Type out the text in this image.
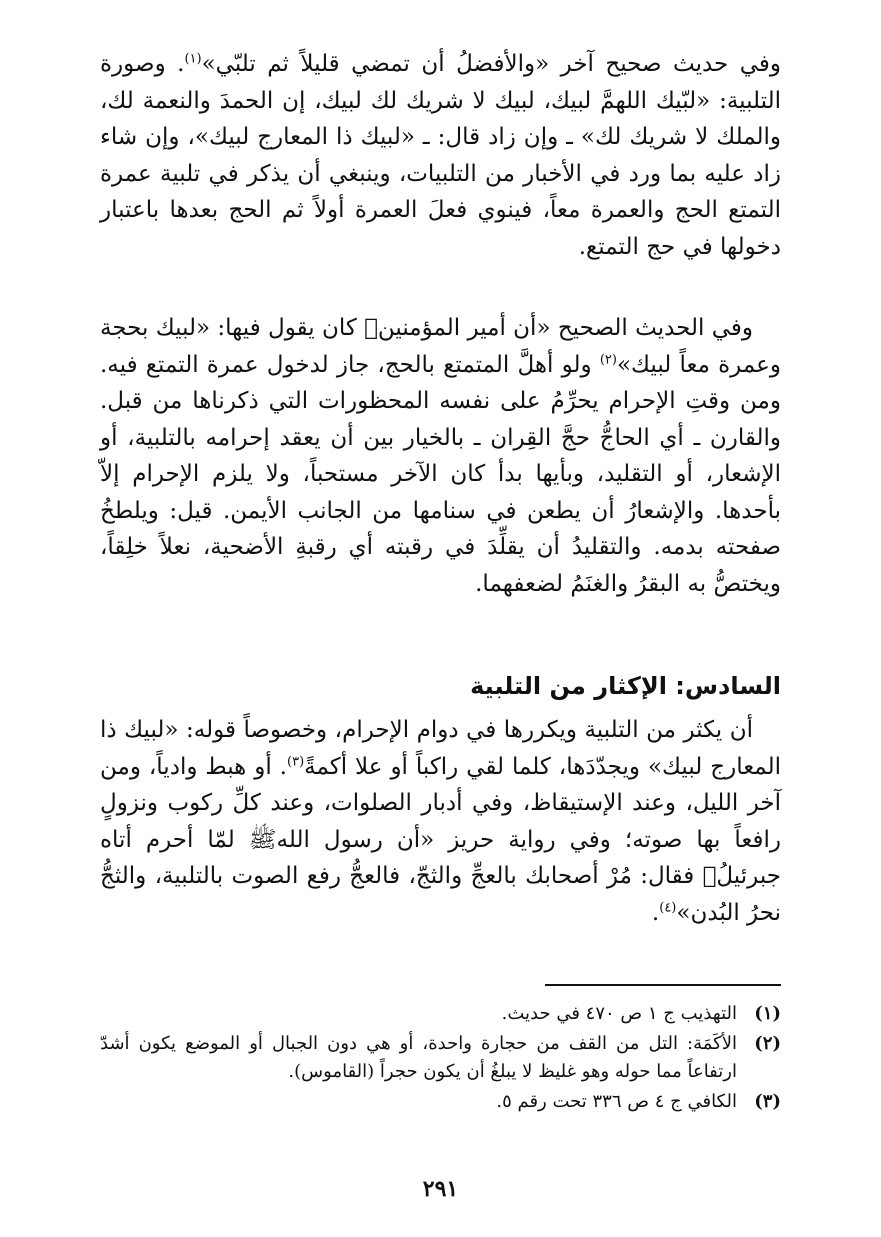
وفي حديث صحيح آخر «والأفضلُ أن تمضي قليلاً ثم تلبّي»$^{(١)}$. وصورة التلبية: «لبّيك اللهمَّ لبيك، لبيك لا شريك لك لبيك، إن الحمدَ والنعمة لك، والملك لا شريك لك» ـ وإن زاد قال: ـ «لبيك ذا المعارج لبيك»، وإن شاء زاد عليه بما ورد في الأخبار من التلبيات، وينبغي أن يذكر في تلبية عمرة التمتع الحج والعمرة معاً، فينوي فعلَ العمرة أولاً ثم الحج بعدها باعتبار دخولها في حج التمتع.

وفي الحديث الصحيح «أن أمير المؤمنين﷧ كان يقول فيها: «لبيك بحجة وعمرة معاً لبيك»$^{(٢)}$ ولو أهلَّ المتمتع بالحج، جاز لدخول عمرة التمتع فيه. ومن وقتِ الإحرام يحرِّمُ على نفسه المحظورات التي ذكرناها من قبل. والقارن ـ أي الحاجُّ حجَّ القِران ـ بالخيار بين أن يعقد إحرامه بالتلبية، أو الإشعار، أو التقليد، وبأيها بدأ كان الآخر مستحباً، ولا يلزم الإحرام إلاّ بأحدها. والإشعارُ أن يطعن في سنامها من الجانب الأيمن. قيل: ويلطخُ صفحته بدمه. والتقليدُ أن يقلِّدَ في رقبته أي رقبةِ الأضحية، نعلاً خلِقاً، ويختصُّ به البقرُ والغنَمُ لضعفهما.

السادس: الإكثار من التلبية

أن يكثر من التلبية ويكررها في دوام الإحرام، وخصوصاً قوله: «لبيك ذا المعارج لبيك» ويجدّدَها، كلما لقي راكباً أو علا أكمةً$^{(٣)}$. أو هبط وادياً، ومن آخر الليل، وعند الإستيقاظ، وفي أدبار الصلوات، وعند كلِّ ركوب ونزولٍ رافعاً بها صوته؛ وفي رواية حريز «أن رسول اللهﷺ لمّا أحرم أتاه جبرئيلُ﷧ فقال: مُرْ أصحابك بالعجِّ والثجّ، فالعجُّ رفع الصوت بالتلبية، والثجُّ نحرُ البُدن»$^{(٤)}$.

(١)
التهذيب ج ١ ص ٤٧٠ في حديث.
(٢)
الأكَمَة: التل من القف من حجارة واحدة، أو هي دون الجبال أو الموضع يكون أشدّ ارتفاعاً مما حوله وهو غليظ لا يبلغُ أن يكون حجراً (القاموس).
(٣)
الكافي ج ٤ ص ٣٣٦ تحت رقم ٥.
٢٩١
